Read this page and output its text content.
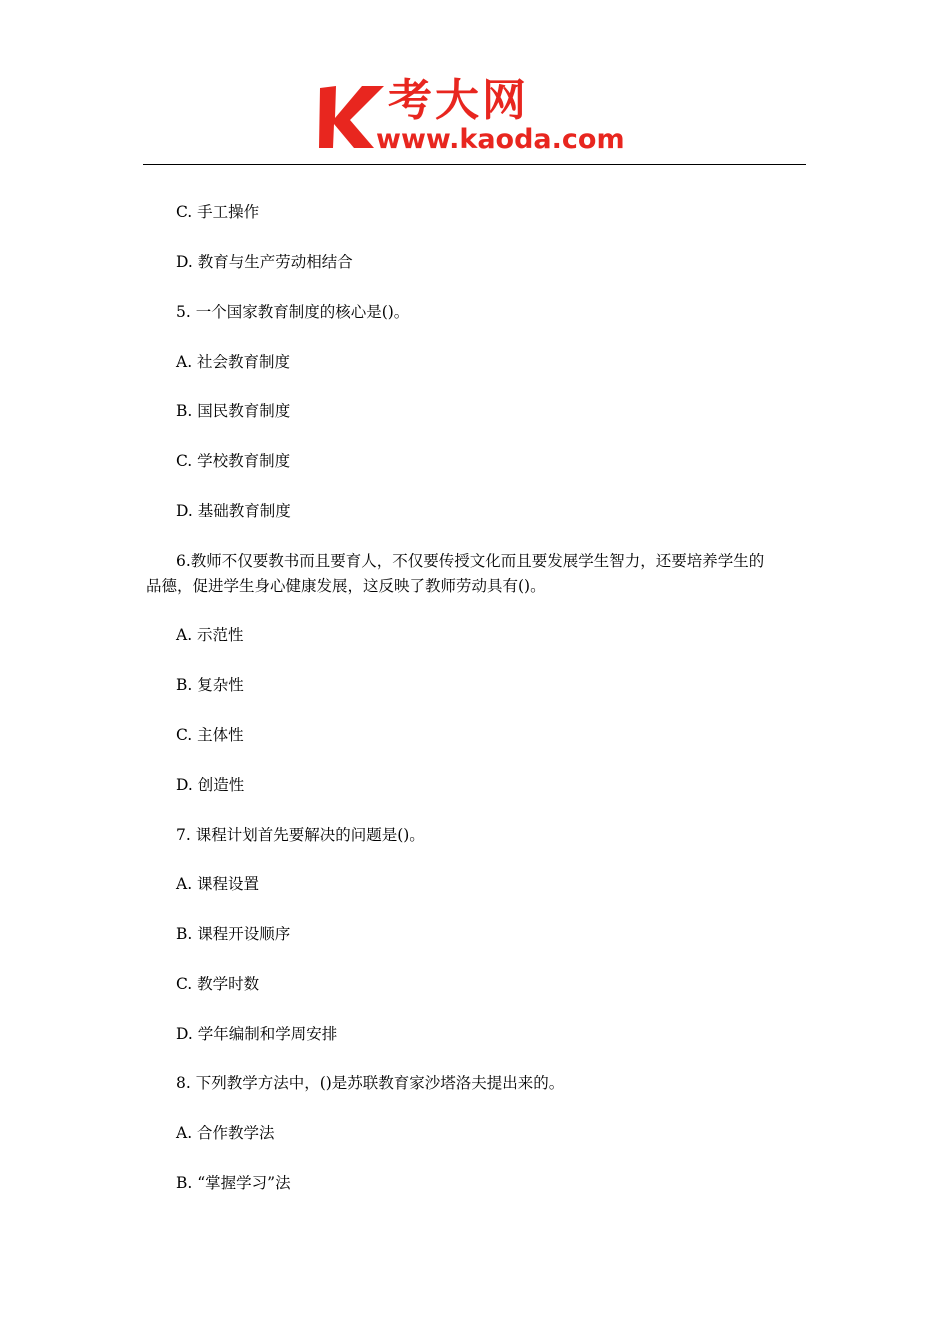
考大网
www.kaoda.com
C. 手工操作
D. 教育与生产劳动相结合
5. 一个国家教育制度的核心是()。
A. 社会教育制度
B. 国民教育制度
C. 学校教育制度
D. 基础教育制度
6.教师不仅要教书而且要育人，不仅要传授文化而且要发展学生智力，还要培养学生的
品德，促进学生身心健康发展，这反映了教师劳动具有()。
A. 示范性
B. 复杂性
C. 主体性
D. 创造性
7. 课程计划首先要解决的问题是()。
A. 课程设置
B. 课程开设顺序
C. 教学时数
D. 学年编制和学周安排
8. 下列教学方法中，()是苏联教育家沙塔洛夫提出来的。
A. 合作教学法
B. “掌握学习”法
